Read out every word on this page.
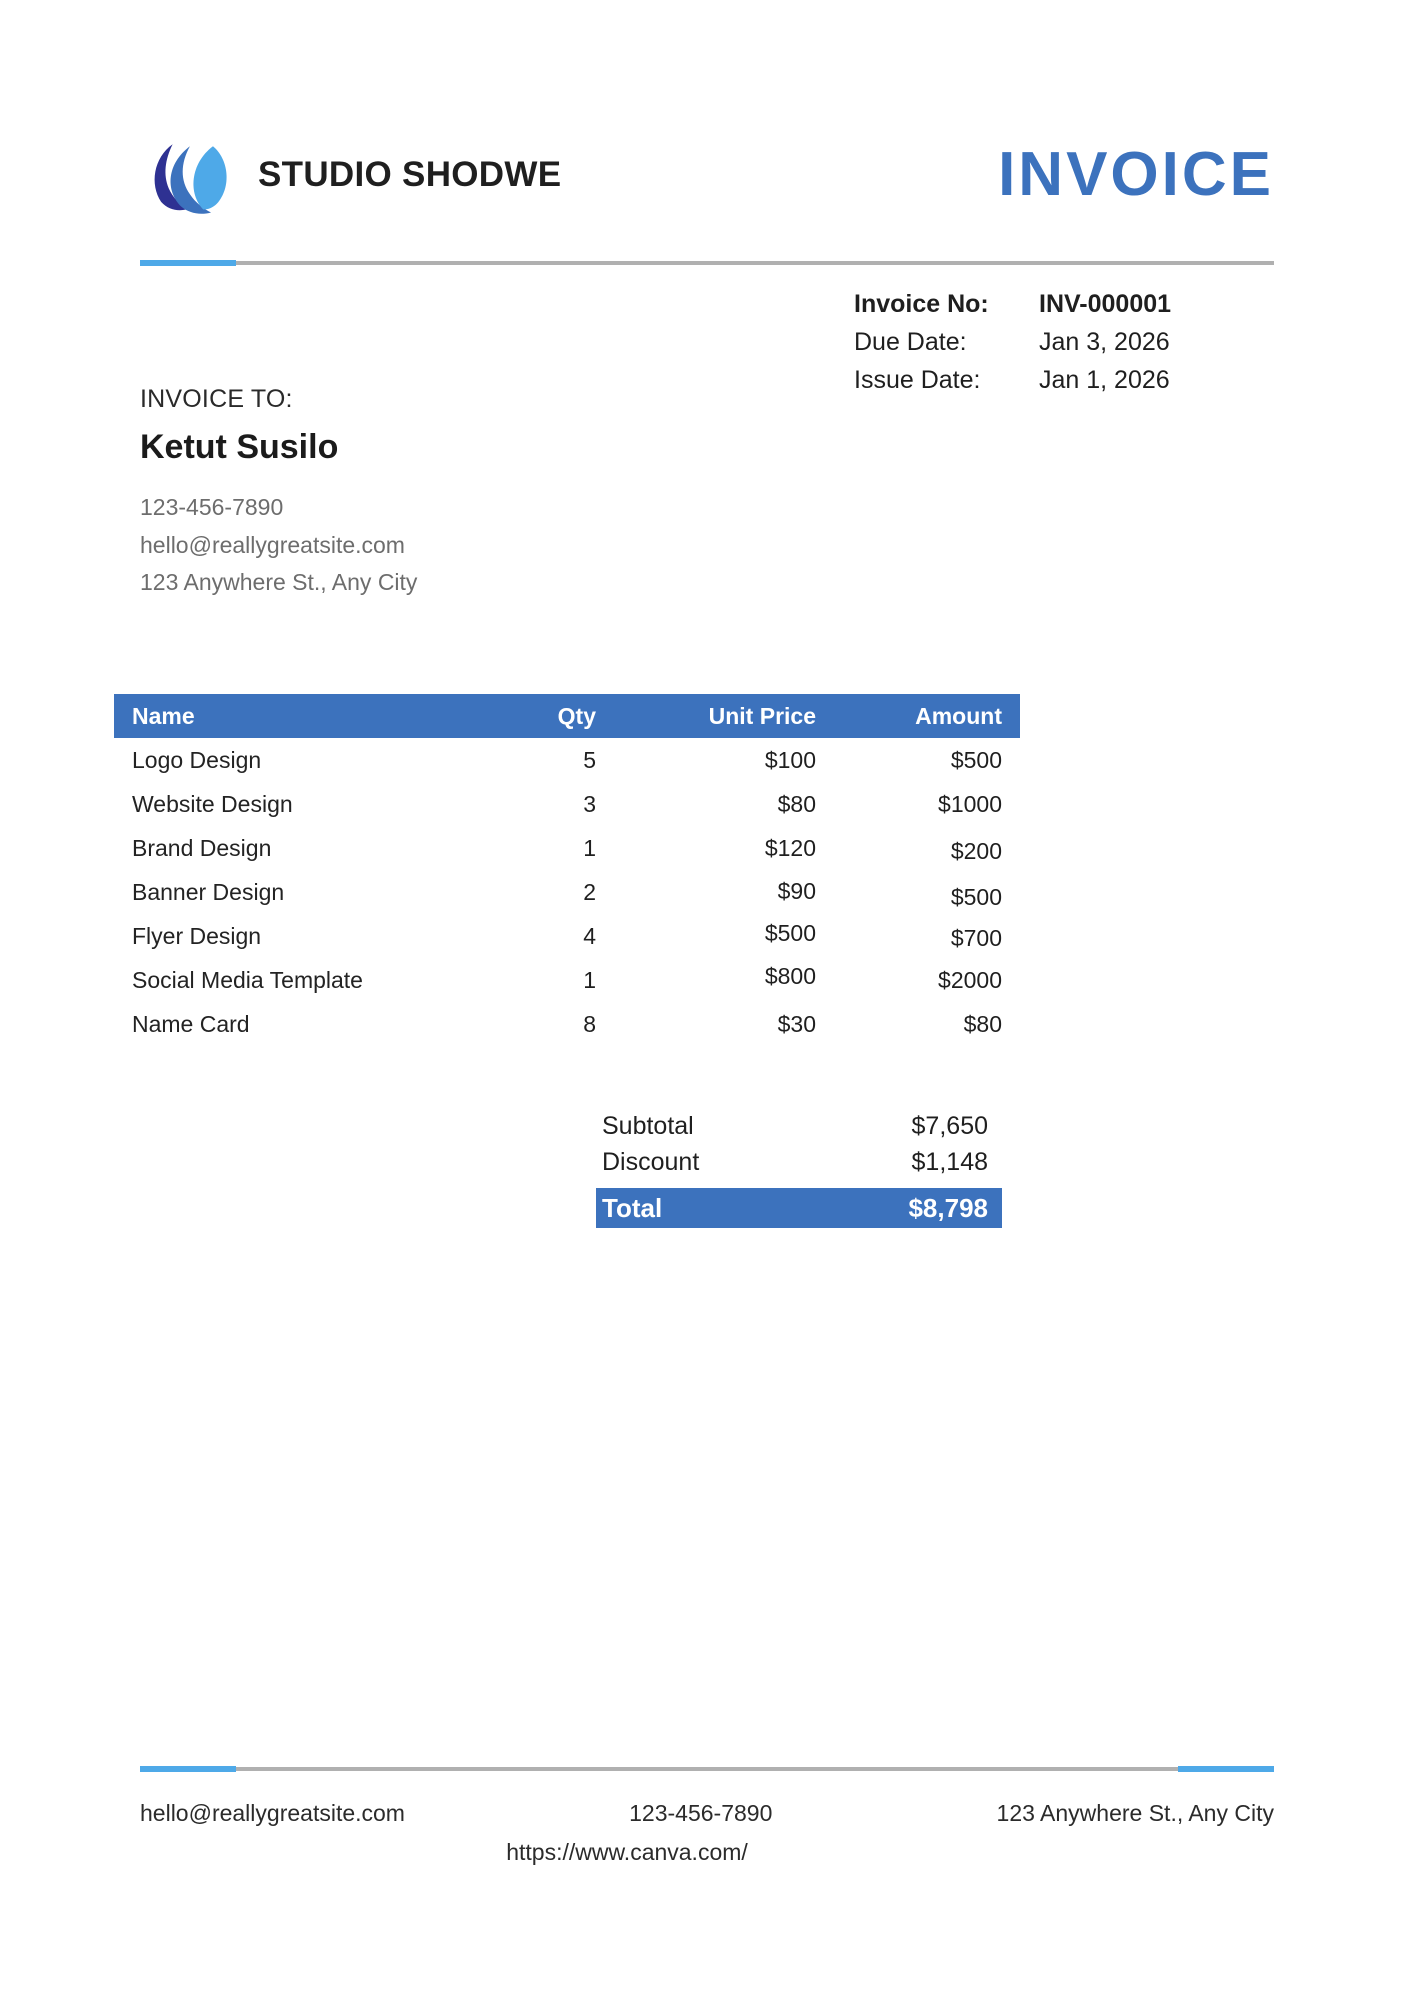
STUDIO SHODWE	INVOICE
Invoice No:	INV-000001
Due Date:	Jan 3, 2026
Issue Date:	Jan 1, 2026
INVOICE TO:
Ketut Susilo
123-456-7890
hello@reallygreatsite.com
123 Anywhere St., Any City
Name	Qty	Unit Price	Amount
Logo Design	5	$100	$500
Website Design	3	$80	$1000
Brand Design	1	$120	$200
Banner Design	2	$90	$500
Flyer Design	4	$500	$700
Social Media Template	1	$800	$2000
Name Card	8	$30	$80
Subtotal	$7,650
Discount	$1,148
Total	$8,798
hello@reallygreatsite.com	123-456-7890	123 Anywhere St., Any City
https://www.canva.com/
